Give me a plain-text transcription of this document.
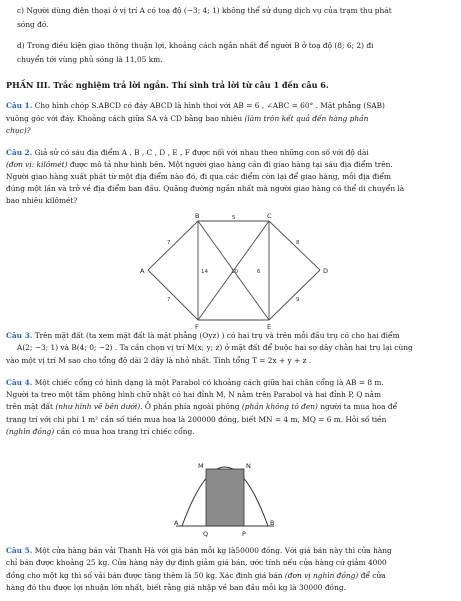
c) Người dùng điện thoại ở vị trí A có toạ độ (−3; 4; 1) không thể sử dụng dịch vụ của trạm thu phát
sóng đó.
d) Trong điều kiện giao thông thuận lợi, khoảng cách ngắn nhất để người B ở toạ độ (8; 6; 2) đi
chuyển tới vùng phủ sóng là 11,05 km.
PHẦN III. Trắc nghiệm trả lời ngắn. Thí sinh trả lời từ câu 1 đến câu 6.
Câu 1. Cho hình chóp S.ABCD có đáy ABCD là hình thoi với AB = 6 , ∠ABC = 60° . Mặt phẳng (SAB)
vuông góc với đáy. Khoảng cách giữa SA và CD bằng bao nhiêu (làm tròn kết quả đến hàng phần
chục)?
Câu 2. Giả sử có sáu địa điểm A , B , C , D , E , F được nối với nhau theo những con số với độ dài
(đơn vị: kilômét) được mô tả như hình bên. Một người giao hàng cần đi giao hàng tại sáu địa điểm trên.
Người giao hàng xuất phát từ một địa điểm nào đó, đi qua các điểm còn lại để giao hàng, mỗi địa điểm
đúng một lần và trở về địa điểm ban đầu. Quãng đường ngắn nhất mà người giao hàng có thể di chuyển là
bao nhiêu kilômét?
B	C
A	D
F	E
5
7
7
8
9
10
14	6
Câu 3. Trên mặt đất (ta xem mặt đất là mặt phẳng (Oyz) ) có hai trụ và trên mỗi đầu trụ có cho hai điểm
A(2; −3; 1) và B(4; 0; −2) . Ta cần chọn vị trí M(x; y; z) ở mặt đất để buộc hai sợ dây chằn hai trụ lại cùng
vào một vị trí M sao cho tổng độ dài 2 dây là nhỏ nhất. Tính tổng T = 2x + y + z .
Câu 4. Một chiếc cổng có hình dạng là một Parabol có khoảng cách giữa hai chân cổng là AB = 8 m.
Người ta treo một tấm phông hình chữ nhật có hai đỉnh M, N nằm trên Parabol và hai đỉnh P, Q nằm
trên mặt đất (như hình vẽ bên dưới). Ở phần phía ngoài phông (phần không tô đen) người ta mua hoa để
trang trí với chi phí 1 m² cần số tiền mua hoa là 200000 đồng, biết MN = 4 m, MQ = 6 m. Hỏi số tiền
(nghìn đồng) cần có mua hoa trang trí chiếc cổng.
M	N
A	B
Q	P
Câu 5. Một cửa hàng bán vải Thanh Hà với giá bán mỗi kg là50000 đồng. Với giá bán này thì cửa hàng
chỉ bán được khoảng 25 kg. Cửa hàng này dự định giảm giá bán, ước tính nếu cửa hàng cứ giảm 4000
đồng cho một kg thì số vải bán được tăng thêm là 50 kg. Xác định giá bán (đơn vị nghìn đồng) để cửa
hàng đó thu được lợi nhuận lớn nhất, biết rằng giá nhập về ban đầu mỗi kg là 30000 đồng.
